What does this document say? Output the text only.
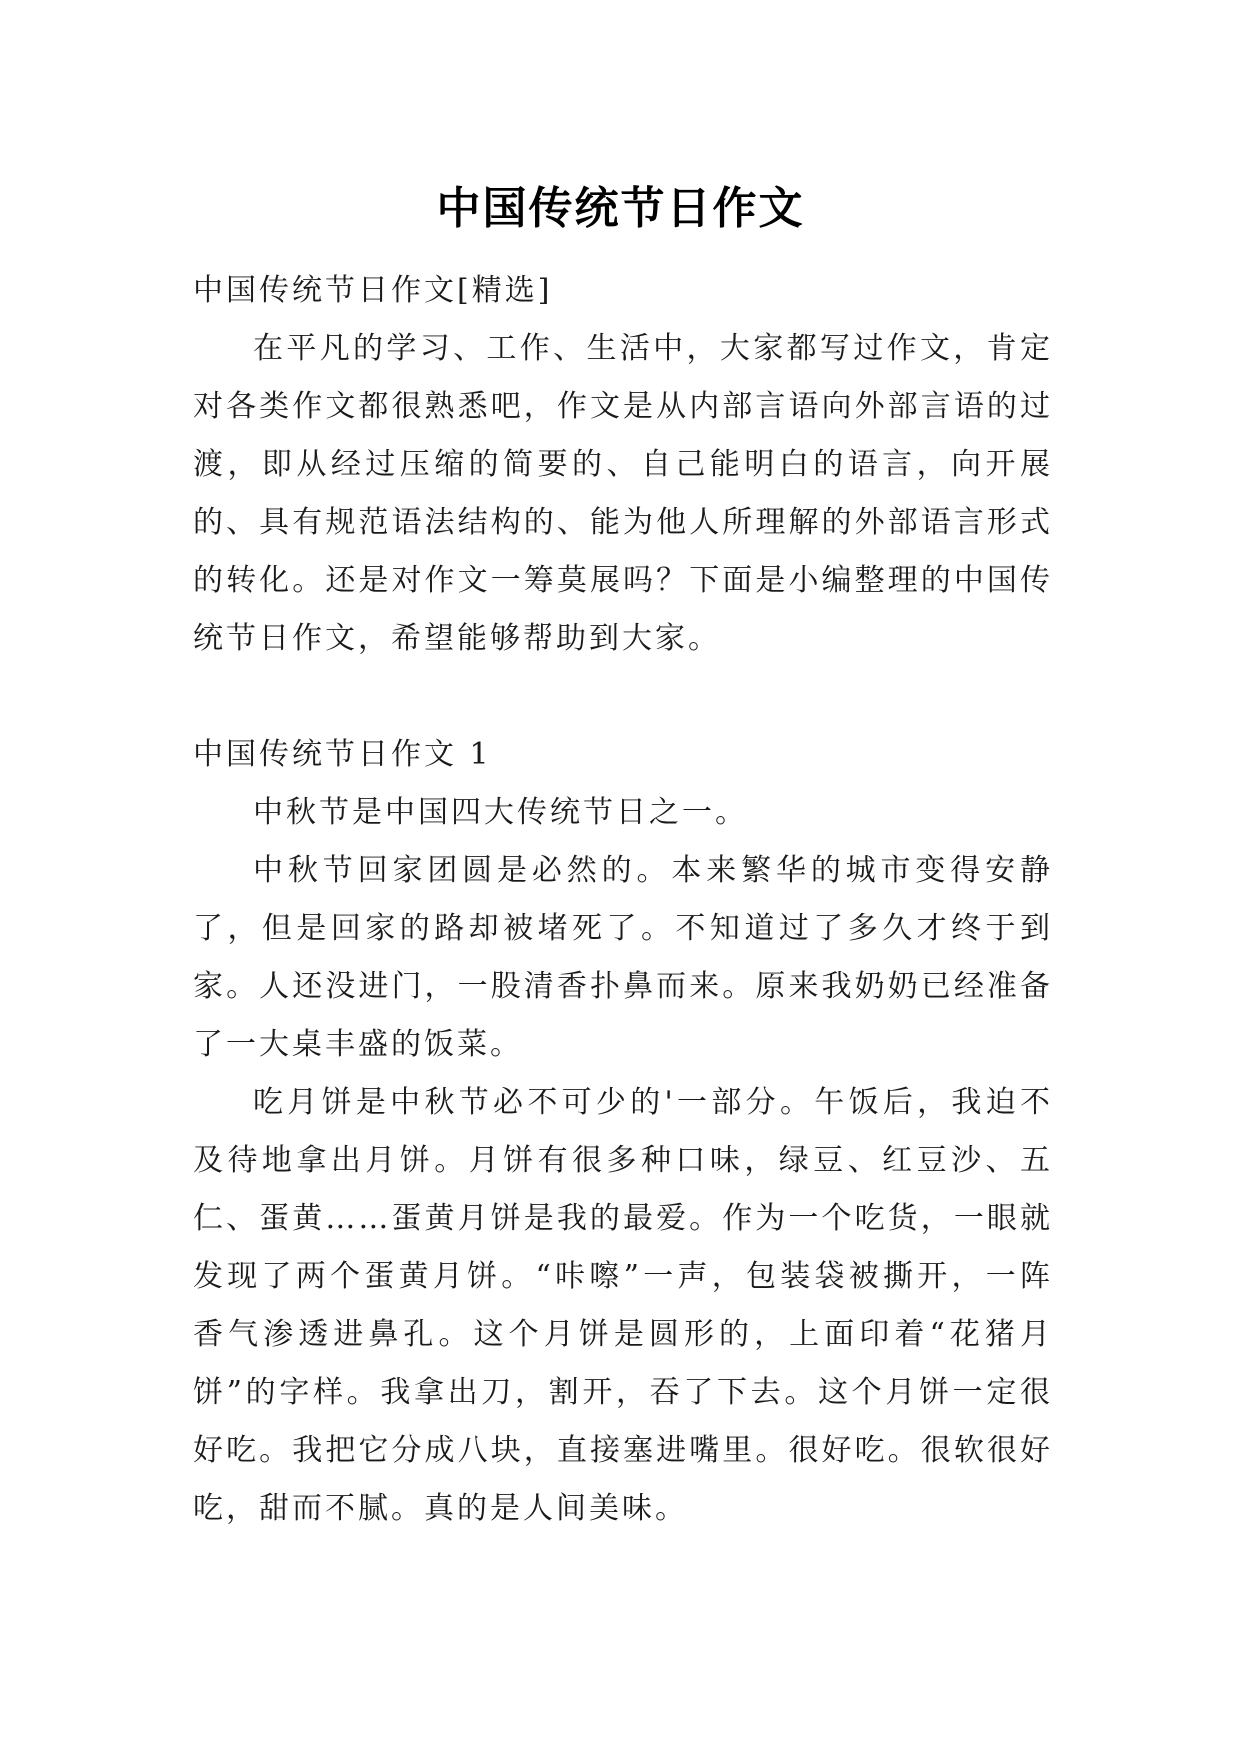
中国传统节日作文

中国传统节日作文[精选]

在平凡的学习、工作、生活中，大家都写过作文，肯定对各类作文都很熟悉吧，作文是从内部言语向外部言语的过渡，即从经过压缩的简要的、自己能明白的语言，向开展的、具有规范语法结构的、能为他人所理解的外部语言形式的转化。还是对作文一筹莫展吗？下面是小编整理的中国传统节日作文，希望能够帮助到大家。

中国传统节日作文 1

中秋节是中国四大传统节日之一。

中秋节回家团圆是必然的。本来繁华的城市变得安静了，但是回家的路却被堵死了。不知道过了多久才终于到家。人还没进门，一股清香扑鼻而来。原来我奶奶已经准备了一大桌丰盛的饭菜。

吃月饼是中秋节必不可少的'一部分。午饭后，我迫不及待地拿出月饼。月饼有很多种口味，绿豆、红豆沙、五仁、蛋黄……蛋黄月饼是我的最爱。作为一个吃货，一眼就发现了两个蛋黄月饼。“咔嚓”一声，包装袋被撕开，一阵香气渗透进鼻孔。这个月饼是圆形的，上面印着“花猪月饼”的字样。我拿出刀，割开，吞了下去。这个月饼一定很好吃。我把它分成八块，直接塞进嘴里。很好吃。很软很好吃，甜而不腻。真的是人间美味。
